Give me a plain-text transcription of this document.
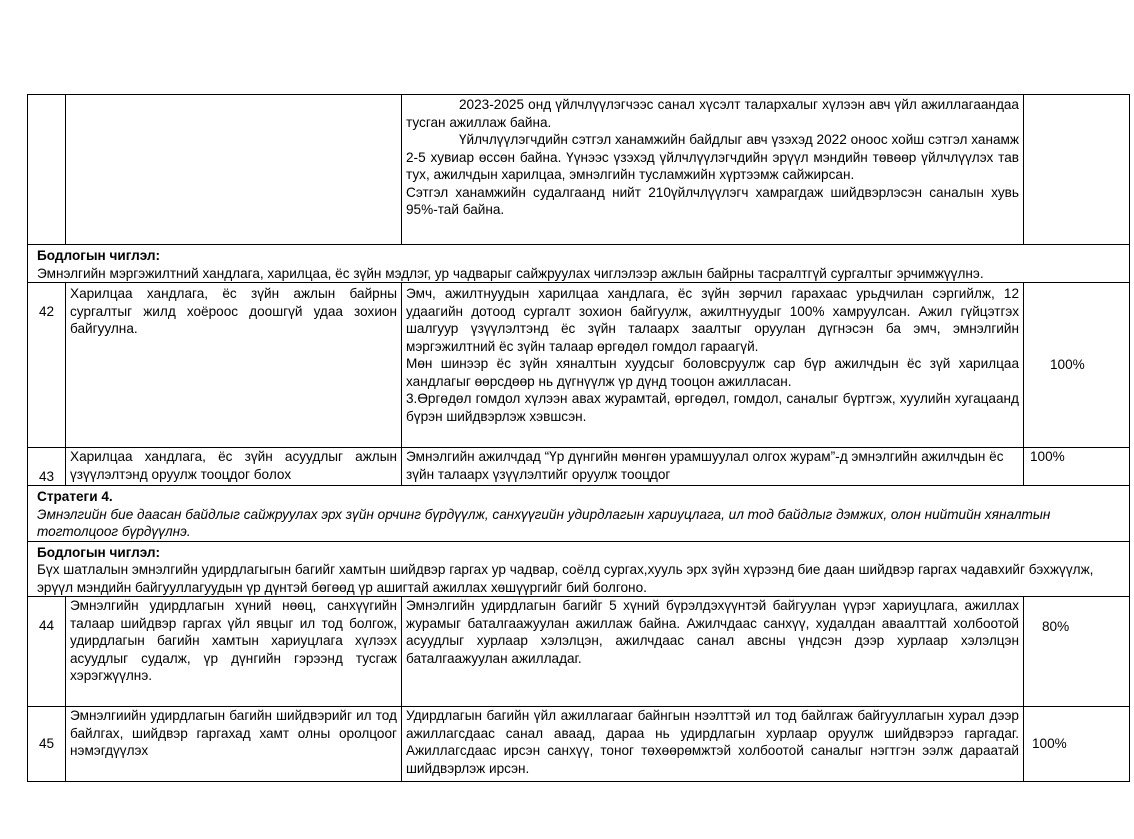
		2023-2025 онд үйлчлүүлэгчээс санал хүсэлт талархалыг хүлээн авч үйл ажиллагаандаа тусган ажиллаж байна.

Үйлчлүүлэгчдийн сэтгэл ханамжийн байдлыг авч үзэхэд 2022 оноос хойш сэтгэл ханамж 2-5 хувиар өссөн байна. Үүнээс үзэхэд үйлчлүүлэгчдийн эрүүл мэндийн төвөөр үйлчлүүлэх тав тух, ажилчдын харилцаа, эмнэлгийн тусламжийн хүртээмж сайжирсан.

Сэтгэл ханамжийн судалгаанд нийт 210үйлчлүүлэгч хамрагдаж шийдвэрлэсэн саналын хувь 95%-тай байна.	

Бодлогын чиглэл:

Эмнэлгийн мэргэжилтний хандлага, харилцаа, ёс зүйн мэдлэг, ур чадварыг сайжруулах чиглэлээр ажлын байрны тасралтгүй сургалтыг эрчимжүүлнэ.			

42	Харилцаа хандлага, ёс зүйн ажлын байрны сургалтыг жилд хоёроос доошгүй удаа зохион байгуулна.	Эмч, ажилтнуудын харилцаа хандлага, ёс зүйн зөрчил гарахаас урьдчилан сэргийлж, 12 удаагийн дотоод сургалт зохион байгуулж, ажилтнуудыг 100% хамруулсан. Ажил гүйцэтгэх шалгуур үзүүлэлтэнд ёс зүйн талаарх заалтыг оруулан дүгнэсэн ба эмч, эмнэлгийн мэргэжилтний ёс зүйн талаар өргөдөл гомдол гараагүй.

Мөн шинээр ёс зүйн хяналтын хуудсыг боловсруулж сар бүр ажилчдын ёс зүй харилцаа хандлагыг өөрсдөөр нь дүгнүүлж үр дүнд тооцон ажилласан.

3.Өргөдөл гомдол хүлээн авах журамтай, өргөдөл, гомдол, саналыг бүртгэж, хуулийн хугацаанд бүрэн шийдвэрлэж хэвшсэн.	100%
43	Харилцаа хандлага, ёс зүйн асуудлыг ажлын үзүүлэлтэнд оруулж тооцдог болох	Эмнэлгийн ажилчдад “Үр дүнгийн мөнгөн урамшуулал олгох журам”-д эмнэлгийн ажилчдын ёс зүйн талаарх үзүүлэлтийг оруулж тооцдог	100%

Стратеги 4.

Эмнэлгийн бие даасан байдлыг сайжруулах эрх зүйн орчинг бүрдүүлж, санхүүгийн удирдлагын хариуцлага, ил тод байдлыг дэмжих, олон нийтийн хяналтын тогтолцоог бүрдүүлнэ.			

Бодлогын чиглэл:

Бүх шатлалын эмнэлгийн удирдлагыгын багийг хамтын шийдвэр гаргах ур чадвар, соёлд сургах,хууль эрх зүйн хүрээнд бие даан шийдвэр гаргах чадавхийг бэхжүүлж, эрүүл мэндийн байгууллагуудын үр дүнтэй бөгөөд үр ашигтай ажиллах хөшүүргийг бий болгоно.			

44	Эмнэлгийн удирдлагын хүний нөөц, санхүүгийн талаар шийдвэр гаргах үйл явцыг ил тод болгож, удирдлагын багийн хамтын хариуцлага хүлээх асуудлыг судалж, үр дүнгийн гэрээнд тусгаж хэрэгжүүлнэ.	Эмнэлгийн удирдлагын багийг 5 хүний бүрэлдэхүүнтэй байгуулан үүрэг хариуцлага, ажиллах журамыг баталгаажуулан ажиллаж байна. Ажилчдаас санхүү, худалдан аваалттай холбоотой асуудлыг хурлаар хэлэлцэн, ажилчдаас санал авсны үндсэн дээр хурлаар хэлэлцэн баталгаажуулан ажилладаг.	80%
45	Эмнэлгиийн удирдлагын багийн шийдвэрийг ил тод байлгах, шийдвэр гаргахад хамт олны оролцоог нэмэгдүүлэх	Удирдлагын багийн үйл ажиллагааг байнгын нээлттэй ил тод байлгаж байгууллагын хурал дээр ажиллагсдаас санал аваад, дараа нь удирдлагын хурлаар оруулж шийдвэрээ гаргадаг. Ажиллагсдаас ирсэн санхүү, тоног төхөөрөмжтэй холбоотой саналыг нэгтгэн ээлж дараатай шийдвэрлэж ирсэн.	100%
